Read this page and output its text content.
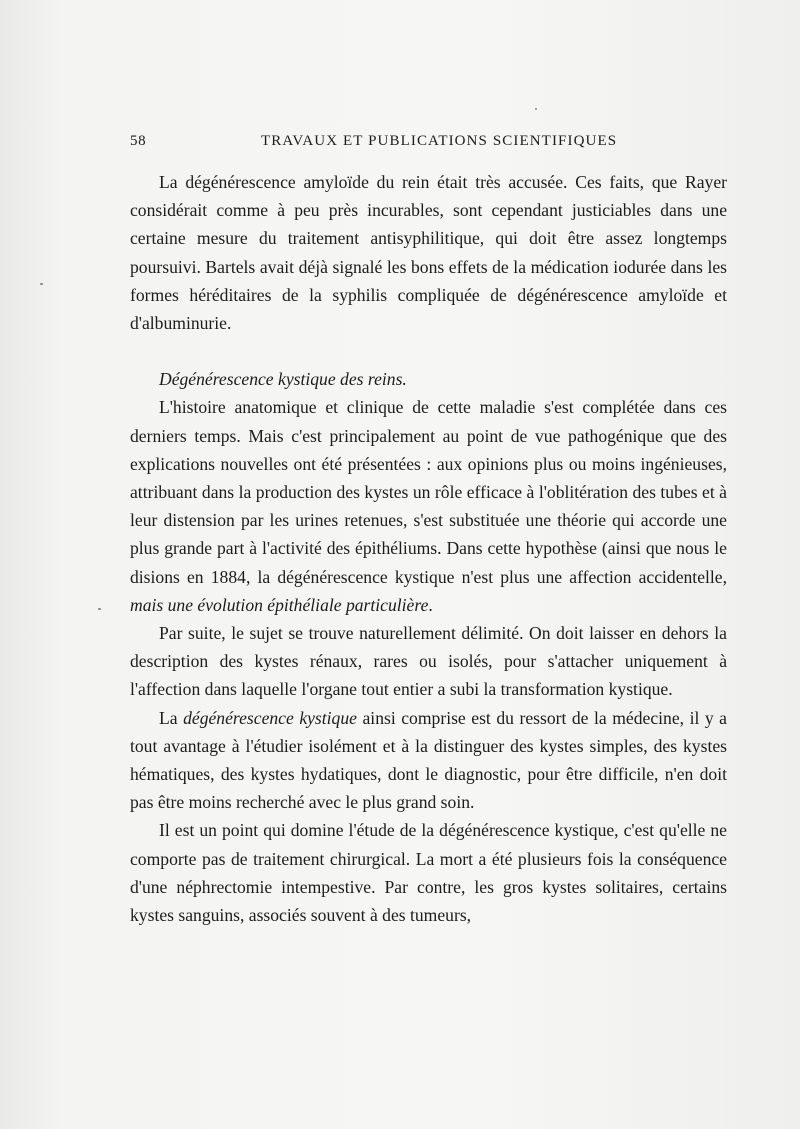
58	TRAVAUX ET PUBLICATIONS SCIENTIFIQUES

La dégénérescence amyloïde du rein était très accusée. Ces faits, que Rayer considérait comme à peu près incurables, sont cependant justiciables dans une certaine mesure du traitement antisyphilitique, qui doit être assez longtemps poursuivi. Bartels avait déjà signalé les bons effets de la médication iodurée dans les formes héréditaires de la syphilis compliquée de dégénérescence amyloïde et d'albuminurie.

Dégénérescence kystique des reins.

L'histoire anatomique et clinique de cette maladie s'est complétée dans ces derniers temps. Mais c'est principalement au point de vue pathogénique que des explications nouvelles ont été présentées : aux opinions plus ou moins ingénieuses, attribuant dans la production des kystes un rôle efficace à l'oblitération des tubes et à leur distension par les urines retenues, s'est substituée une théorie qui accorde une plus grande part à l'activité des épithéliums. Dans cette hypothèse (ainsi que nous le disions en 1884, la dégénérescence kystique n'est plus une affection accidentelle, mais une évolution épithéliale particulière.

Par suite, le sujet se trouve naturellement délimité. On doit laisser en dehors la description des kystes rénaux, rares ou isolés, pour s'attacher uniquement à l'affection dans laquelle l'organe tout entier a subi la transformation kystique.

La dégénérescence kystique ainsi comprise est du ressort de la médecine, il y a tout avantage à l'étudier isolément et à la distinguer des kystes simples, des kystes hématiques, des kystes hydatiques, dont le diagnostic, pour être difficile, n'en doit pas être moins recherché avec le plus grand soin.

Il est un point qui domine l'étude de la dégénérescence kystique, c'est qu'elle ne comporte pas de traitement chirurgical. La mort a été plusieurs fois la conséquence d'une néphrectomie intempestive. Par contre, les gros kystes solitaires, certains kystes sanguins, associés souvent à des tumeurs,
